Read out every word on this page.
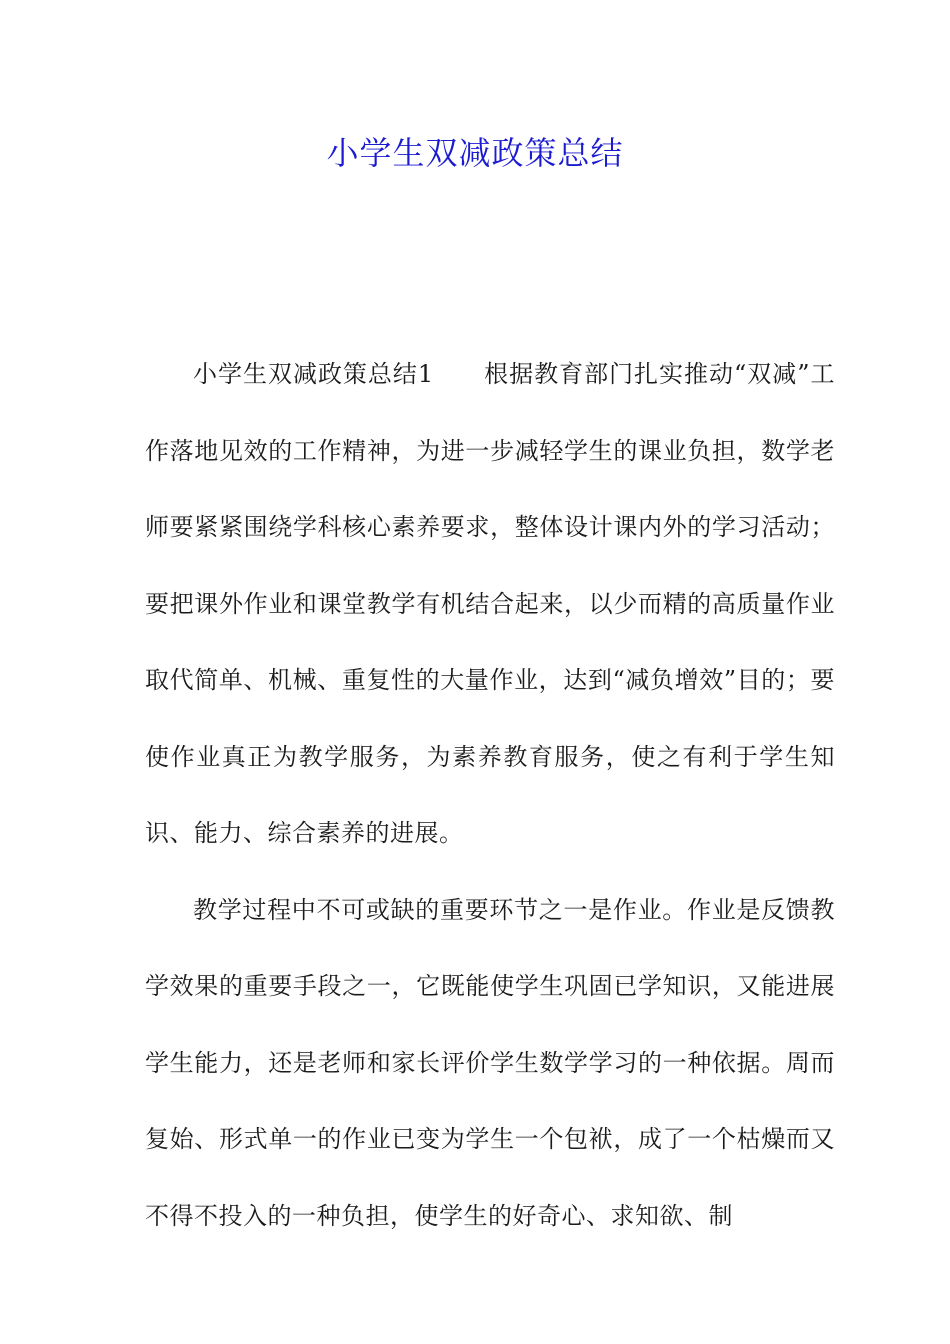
小学生双减政策总结

小学生双减政策总结1　　根据教育部门扎实推动“双减”工作落地见效的工作精神，为进一步减轻学生的课业负担，数学老师要紧紧围绕学科核心素养要求，整体设计课内外的学习活动；要把课外作业和课堂教学有机结合起来，以少而精的高质量作业取代简单、机械、重复性的大量作业，达到“减负增效”目的；要使作业真正为教学服务，为素养教育服务，使之有利于学生知识、能力、综合素养的进展。

教学过程中不可或缺的重要环节之一是作业。作业是反馈教学效果的重要手段之一，它既能使学生巩固已学知识，又能进展学生能力，还是老师和家长评价学生数学学习的一种依据。周而复始、形式单一的作业已变为学生一个包袱，成了一个枯燥而又不得不投入的一种负担，使学生的好奇心、求知欲、制
